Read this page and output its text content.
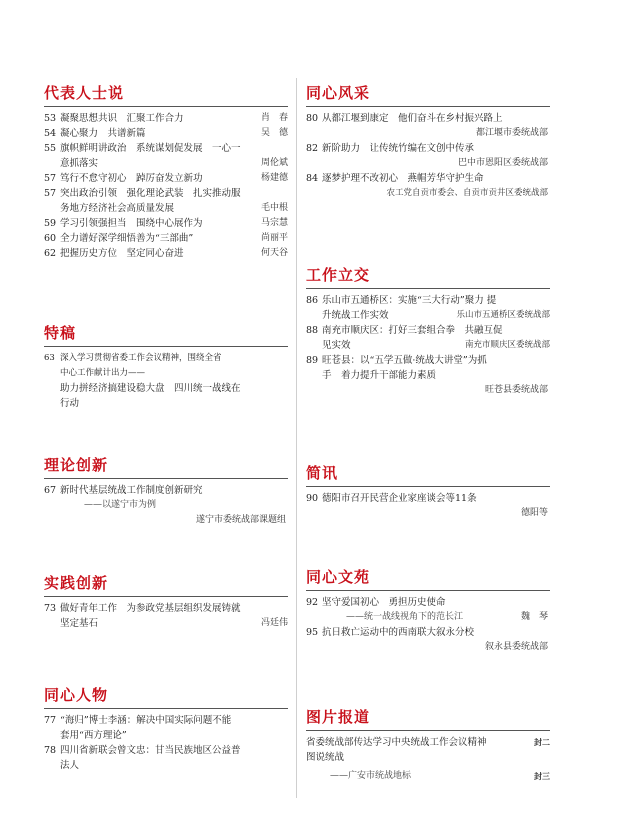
代表人士说
53 凝聚思想共识　汇聚工作合力	肖　春
54 凝心聚力　共谱新篇	吴　德
55 旗帜鲜明讲政治　系统谋划促发展　一心一
意抓落实	周伦斌
57 笃行不怠守初心　踔厉奋发立新功	杨建德
57 突出政治引领　强化理论武装　扎实推动服
务地方经济社会高质量发展	毛中根
59 学习引领强担当　围绕中心展作为	马宗慧
60 全力谱好深学细悟善为“三部曲”	尚丽平
62 把握历史方位　坚定同心奋进	何天谷
特稿
63 深入学习贯彻省委工作会议精神，围绕全省
中心工作献计出力——
助力拼经济搞建设稳大盘　四川统一战线在
行动
理论创新
67 新时代基层统战工作制度创新研究
——以遂宁市为例
遂宁市委统战部课题组
实践创新
73 做好青年工作　为参政党基层组织发展铸就
坚定基石	冯廷伟
同心人物
77 “海归”博士李涵：解决中国实际问题不能
套用“西方理论”
78 四川省新联会曾文忠：甘当民族地区公益普
法人
同心风采
80 从都江堰到康定　他们奋斗在乡村振兴路上
都江堰市委统战部
82 新阶助力　让传统竹编在文创中传承
巴中市恩阳区委统战部
84 逐梦护理不改初心　燕帽芳华守护生命
农工党自贡市委会、自贡市贡井区委统战部
工作立交
86 乐山市五通桥区：实施“三大行动”聚力 提
升统战工作实效	乐山市五通桥区委统战部
88 南充市顺庆区：打好三套组合拳　共融互促
见实效	南充市顺庆区委统战部
89 旺苍县：以“五学五做·统战大讲堂”为抓
手　着力提升干部能力素质
旺苍县委统战部
简讯
90 德阳市召开民营企业家座谈会等11条
德阳等
同心文苑
92 坚守爱国初心　勇担历史使命
——统一战线视角下的范长江	魏　琴
95 抗日救亡运动中的西南联大叙永分校
叙永县委统战部
图片报道
省委统战部传达学习中央统战工作会议精神	封二
图说统战
——广安市统战地标	封三
